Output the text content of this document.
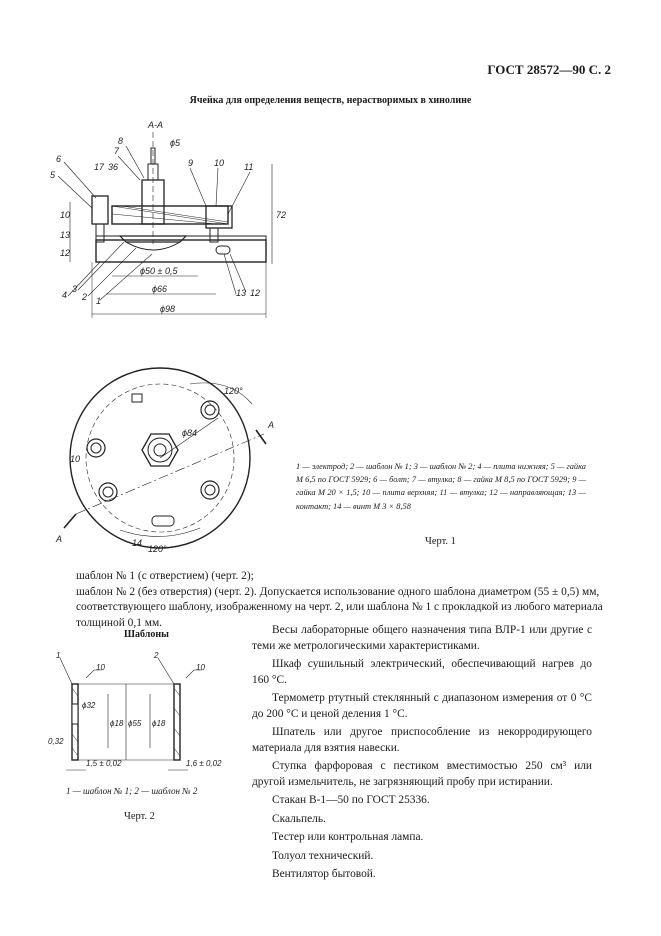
ГОСТ 28572—90 С. 2
Ячейка для определения веществ, нерастворимых в хинолине
А-А
ϕ5
8
7
6
5
9 10 11
17 36
72
10
13
12
ϕ50 ± 0,5
ϕ66
ϕ98
4
3
2 1
13 12
ϕ84
120°
120°
10
14
А
А
1 — электрод; 2 — шаблон № 1; 3 — шаблон № 2; 4 — плита нижняя; 5 — гайка М 6,5 по ГОСТ 5929; 6 — болт; 7 — втулка; 8 — гайка М 8,5 по ГОСТ 5929; 9 — гайка М 20 × 1,5; 10 — плита верхняя; 11 — втулка; 12 — направляющая; 13 — контакт; 14 — винт М 3 × 8,58
Черт. 1

шаблон № 1 (с отверстием) (черт. 2);

шаблон № 2 (без отверстия) (черт. 2). Допускается использование одного шаблона диаметром (55 ± 0,5) мм, соответствующего шаблону, изображенному на черт. 2, или шаблона № 1 с прокладкой из любого материала толщиной 0,1 мм.

Шаблоны
1	2
10	10
ϕ32
ϕ18 ϕ55 ϕ18
0,32
1,5 ± 0,02	1,6 ± 0,02
1 — шаблон № 1; 2 — шаблон № 2
Черт. 2

Весы лабораторные общего назначения типа ВЛР-1 или другие с теми же метрологическими характеристиками.

Шкаф сушильный электрический, обеспечивающий нагрев до 160 °С.

Термометр ртутный стеклянный с диапазоном измерения от 0 °С до 200 °С и ценой деления 1 °С.

Шпатель или другое приспособление из некорродирующего материала для взятия навески.

Ступка фарфоровая с пестиком вместимостью 250 см³ или другой измельчитель, не загрязняющий пробу при истирании.

Стакан В-1—50 по ГОСТ 25336.

Скальпель.

Тестер или контрольная лампа.

Толуол технический.

Вентилятор бытовой.
